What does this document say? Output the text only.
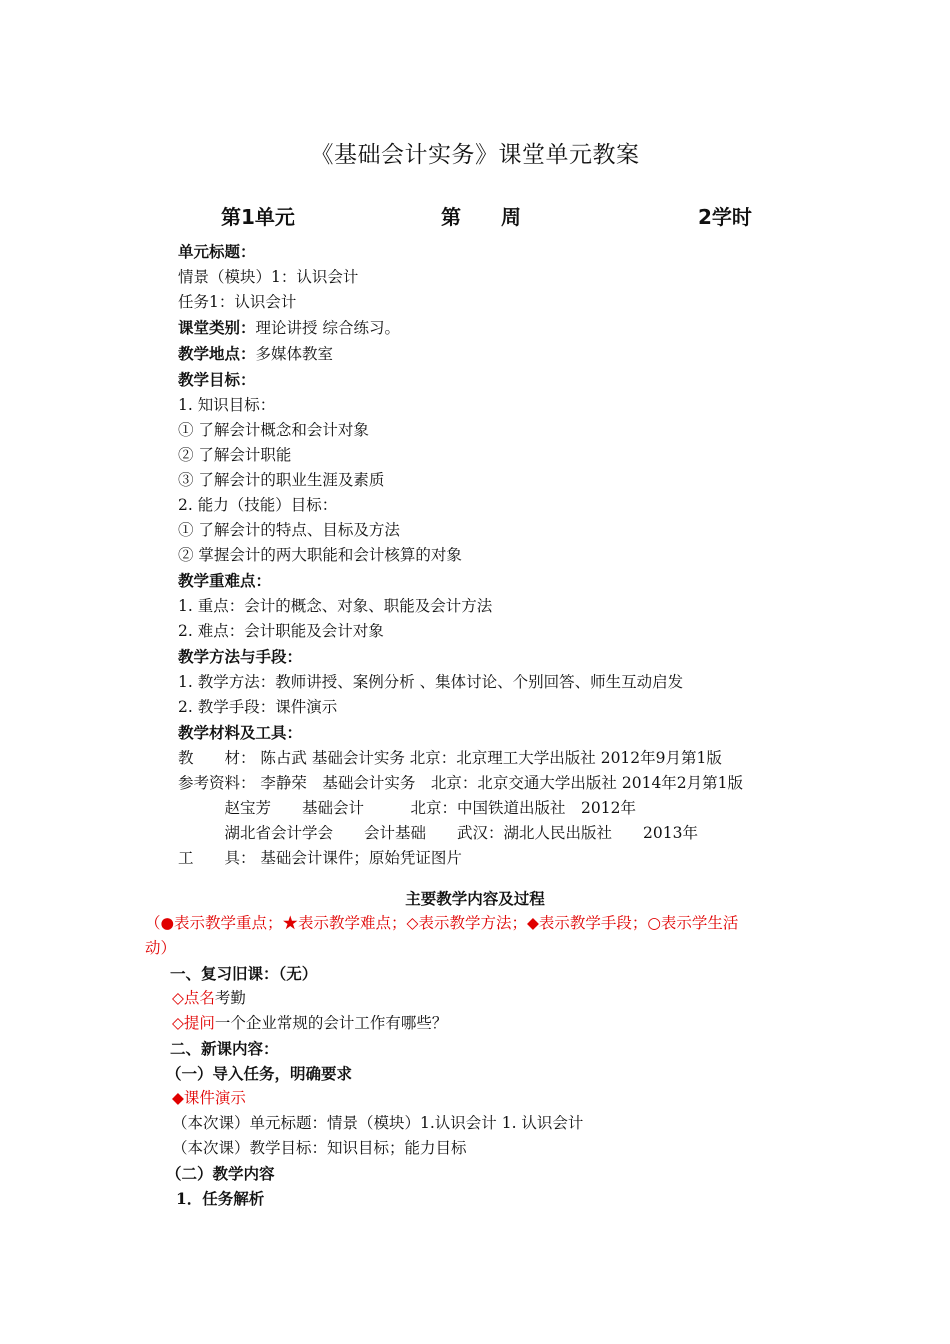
《基础会计实务》课堂单元教案
第1单元	第　　周	2学时
单元标题：
情景（模块）1：认识会计
任务1：认识会计
课堂类别：理论讲授 综合练习。
教学地点：多媒体教室
教学目标：
1. 知识目标：
① 了解会计概念和会计对象
② 了解会计职能
③ 了解会计的职业生涯及素质
2. 能力（技能）目标：
① 了解会计的特点、目标及方法
② 掌握会计的两大职能和会计核算的对象
教学重难点：
1. 重点：会计的概念、对象、职能及会计方法
2. 难点：会计职能及会计对象
教学方法与手段：
1. 教学方法：教师讲授、案例分析 、集体讨论、个别回答、师生互动启发
2. 教学手段：课件演示
教学材料及工具：
教　　材： 陈占武 基础会计实务 北京：北京理工大学出版社 2012年9月第1版
参考资料： 李静荣　基础会计实务　北京：北京交通大学出版社 2014年2月第1版
　　　赵宝芳　　基础会计　　　北京：中国铁道出版社　2012年
　　　湖北省会计学会　　会计基础　　武汉：湖北人民出版社　　2013年
工　　具： 基础会计课件；原始凭证图片
主要教学内容及过程
（●表示教学重点；★表示教学难点；◇表示教学方法；◆表示教学手段；○表示学生活
动）
一、复习旧课：（无）
◇点名考勤
◇提问一个企业常规的会计工作有哪些？
二、新课内容：
（一）导入任务，明确要求
◆课件演示
（本次课）单元标题：情景（模块）1.认识会计 1. 认识会计
（本次课）教学目标：知识目标；能力目标
（二）教学内容
1．任务解析
